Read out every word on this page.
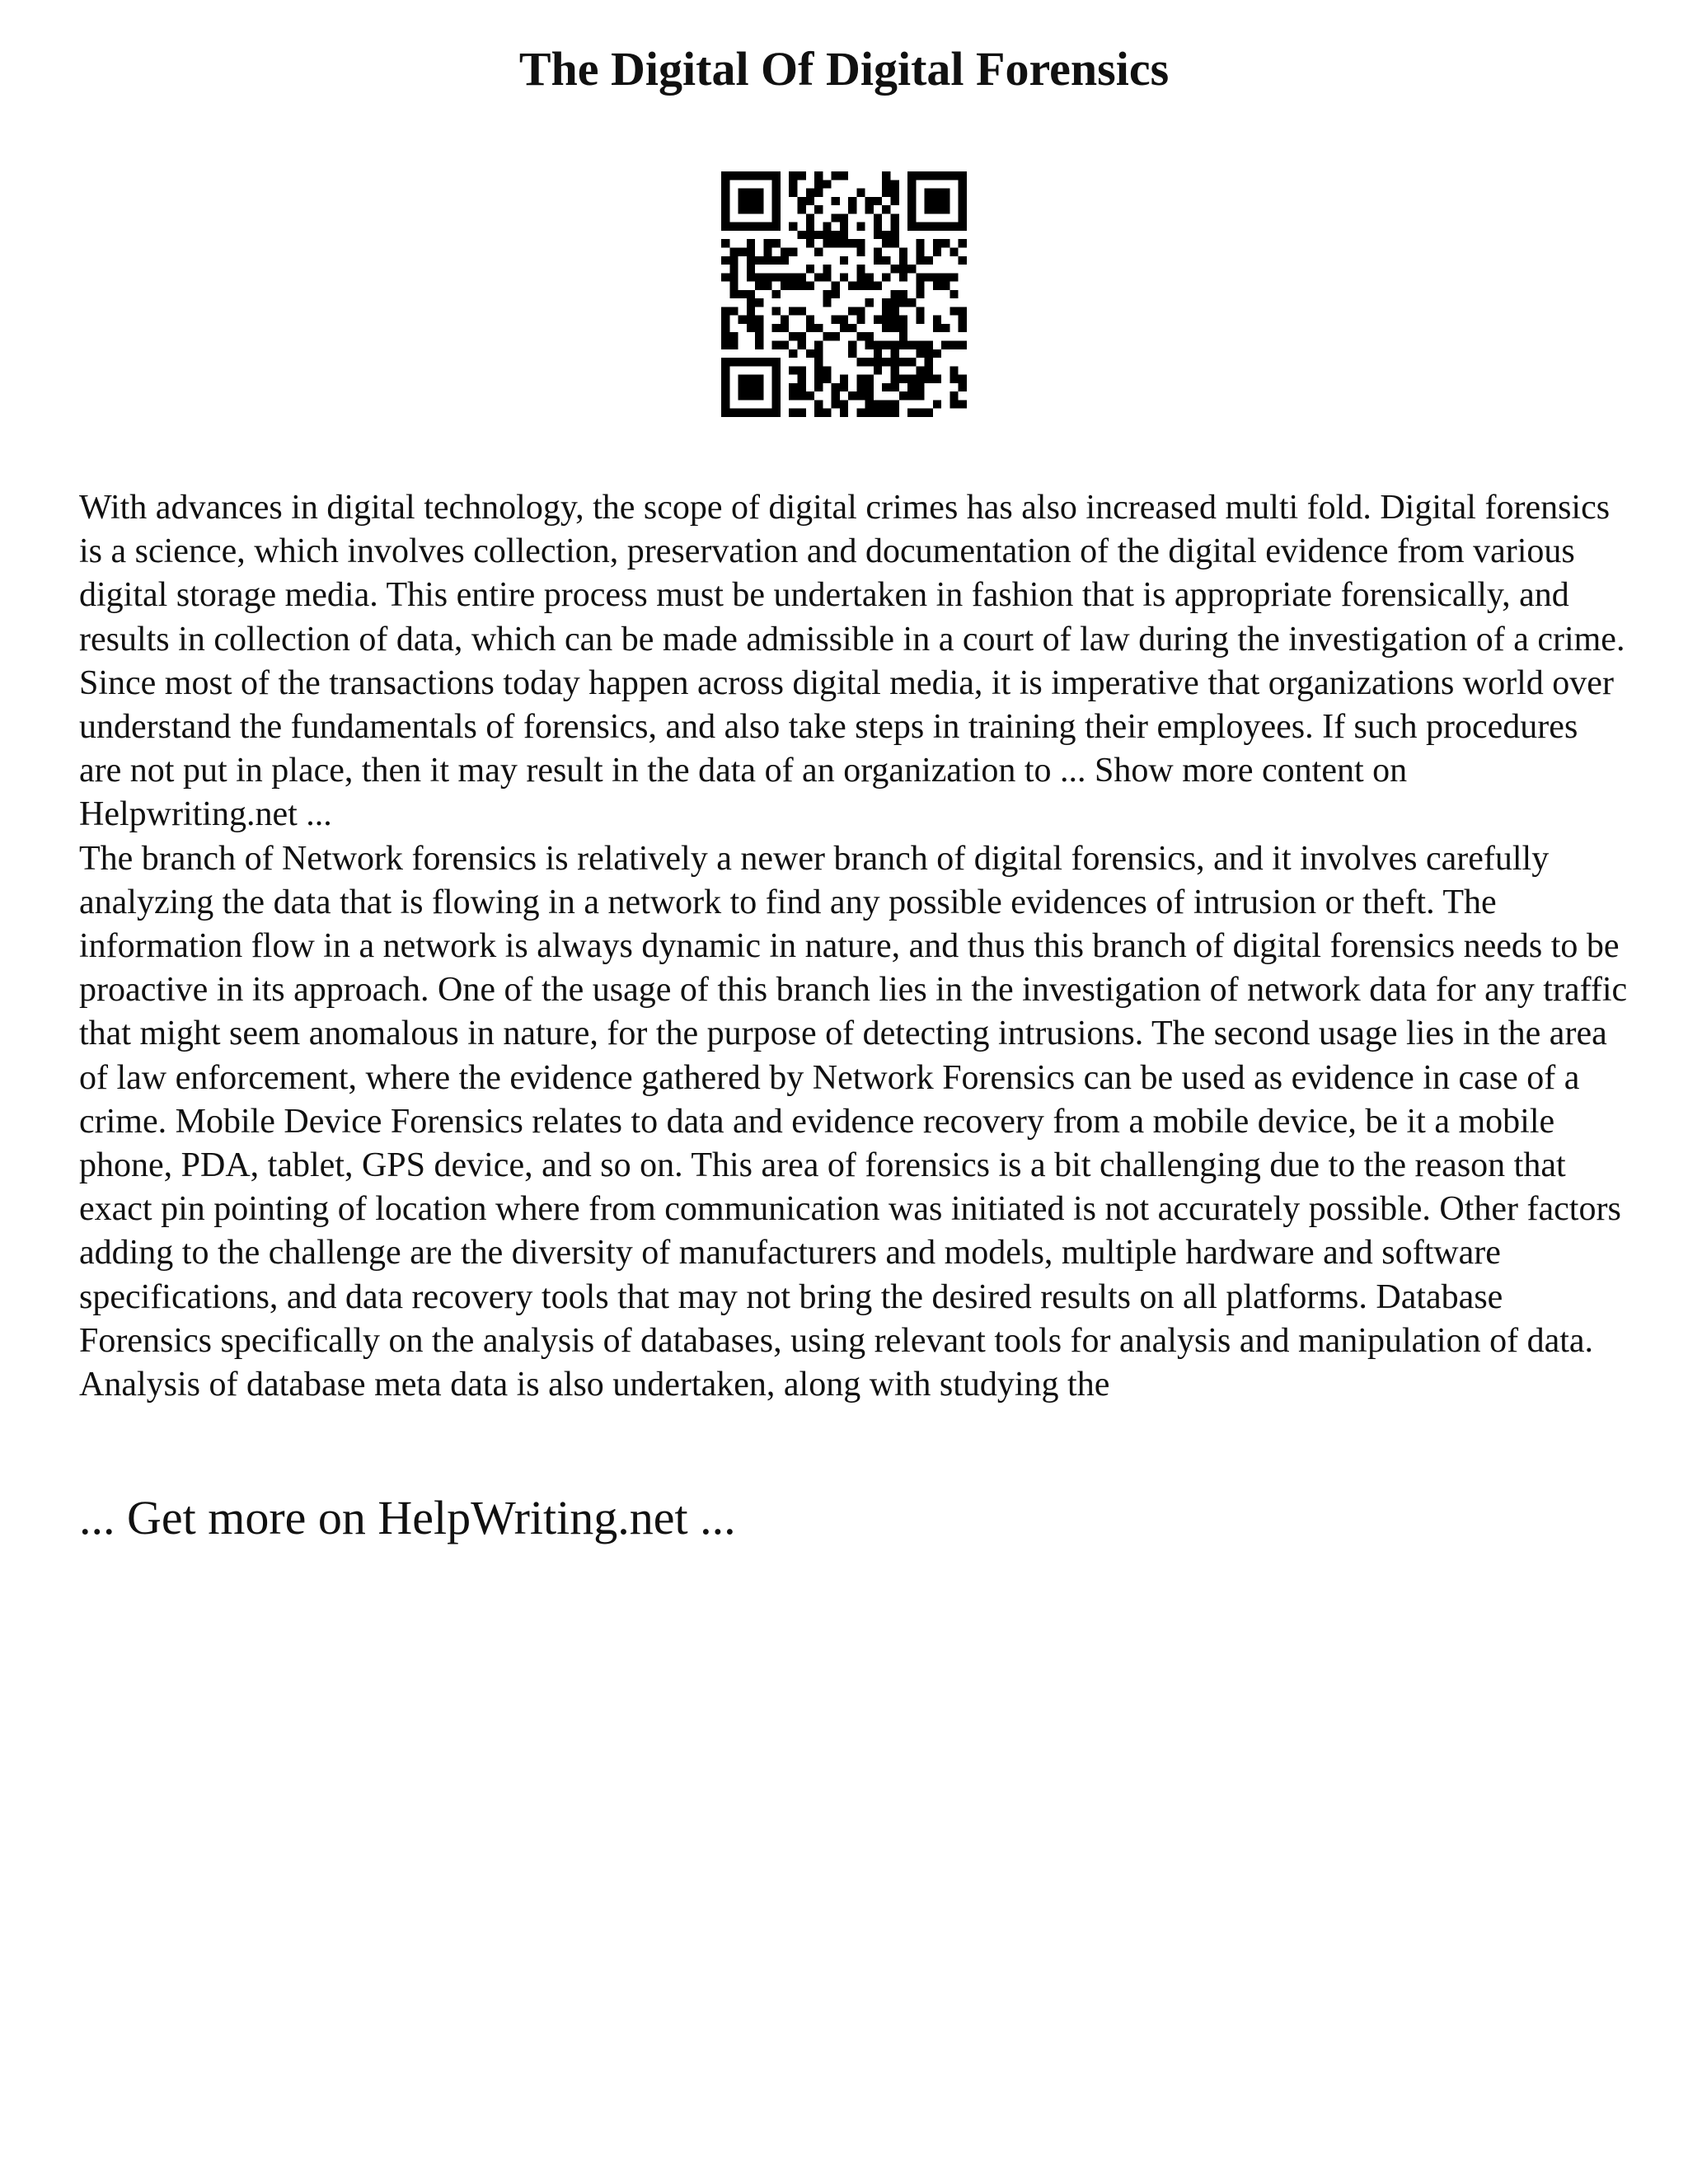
The Digital Of Digital Forensics

With advances in digital technology, the scope of digital crimes has also increased multi fold. Digital forensics is a science, which involves collection, preservation and documentation of the digital evidence from various digital storage media. This entire process must be undertaken in fashion that is appropriate forensically, and results in collection of data, which can be made admissible in a court of law during the investigation of a crime. Since most of the transactions today happen across digital media, it is imperative that organizations world over understand the fundamentals of forensics, and also take steps in training their employees. If such procedures are not put in place, then it may result in the data of an organization to ... Show more content on Helpwriting.net ...

The branch of Network forensics is relatively a newer branch of digital forensics, and it involves carefully analyzing the data that is flowing in a network to find any possible evidences of intrusion or theft. The information flow in a network is always dynamic in nature, and thus this branch of digital forensics needs to be proactive in its approach. One of the usage of this branch lies in the investigation of network data for any traffic that might seem anomalous in nature, for the purpose of detecting intrusions. The second usage lies in the area of law enforcement, where the evidence gathered by Network Forensics can be used as evidence in case of a crime. Mobile Device Forensics relates to data and evidence recovery from a mobile device, be it a mobile phone, PDA, tablet, GPS device, and so on. This area of forensics is a bit challenging due to the reason that exact pin pointing of location where from communication was initiated is not accurately possible. Other factors adding to the challenge are the diversity of manufacturers and models, multiple hardware and software specifications, and data recovery tools that may not bring the desired results on all platforms. Database Forensics specifically on the analysis of databases, using relevant tools for analysis and manipulation of data. Analysis of database meta data is also undertaken, along with studying the

... Get more on HelpWriting.net ...
